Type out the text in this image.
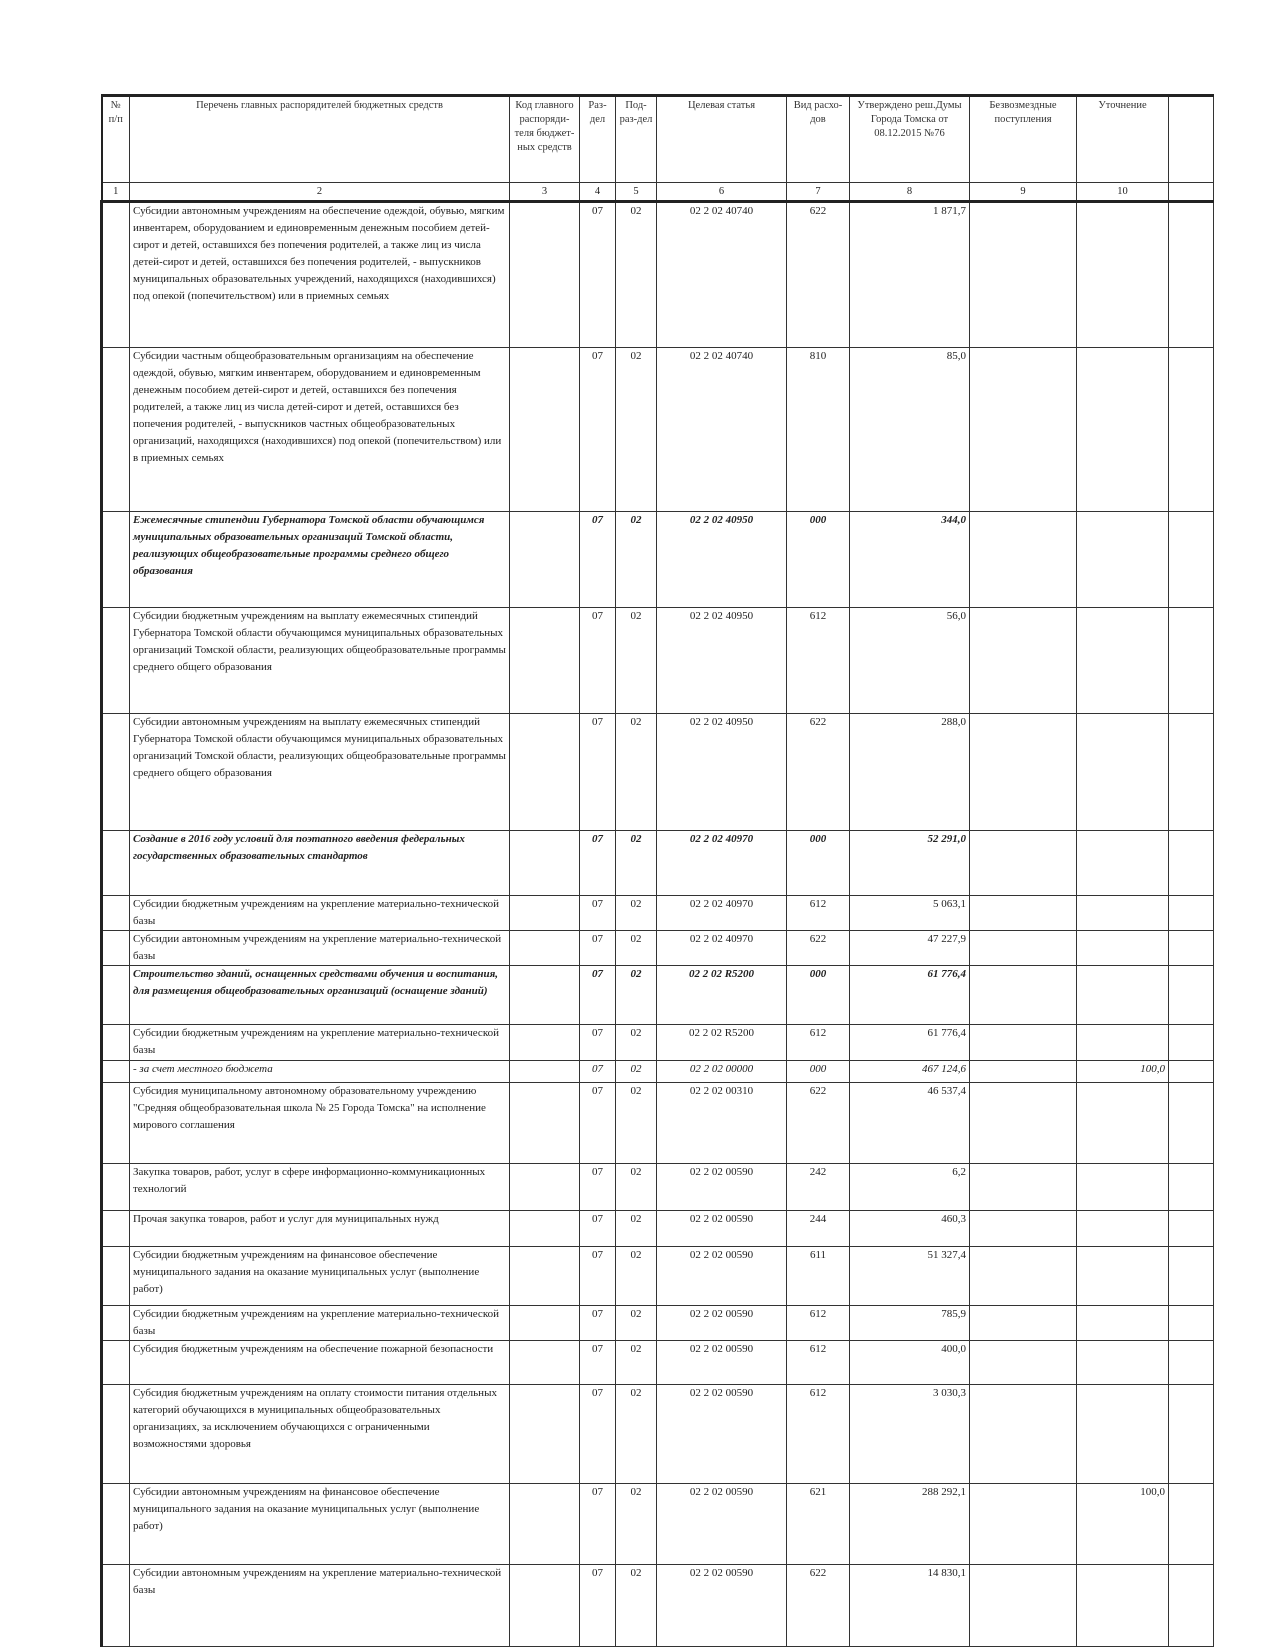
№ п/п	Перечень главных распорядителей бюджетных средств	Код главного распоряди-теля бюджет-ных средств	Раз-дел	Под-раз-дел	Целевая статья	Вид расхо-дов	Утверждено реш.Думы Города Томска от 08.12.2015 №76	Безвозмездные поступления	Уточнение	
1	2	3	4	5	6	7	8	9	10	
	Субсидии автономным учреждениям на обеспечение одеждой, обувью, мягким инвентарем, оборудованием и единовременным денежным пособием детей-сирот и детей, оставшихся без попечения родителей, а также лиц из числа детей-сирот и детей, оставшихся без попечения родителей, - выпускников муниципальных образовательных учреждений, находящихся (находившихся) под опекой (попечительством) или в приемных семьях		07	02	02 2 02 40740	622	1 871,7			
	Субсидии частным общеобразовательным организациям на обеспечение одеждой, обувью, мягким инвентарем, оборудованием и единовременным денежным пособием детей-сирот и детей, оставшихся без попечения родителей, а также лиц из числа детей-сирот и детей, оставшихся без попечения родителей, - выпускников частных общеобразовательных организаций, находящихся (находившихся) под опекой (попечительством) или в приемных семьях		07	02	02 2 02 40740	810	85,0			
	Ежемесячные стипендии Губернатора Томской области обучающимся муниципальных образовательных организаций Томской области, реализующих общеобразовательные программы среднего общего образования		07	02	02 2 02 40950	000	344,0			
	Субсидии бюджетным учреждениям на выплату ежемесячных стипендий Губернатора Томской области обучающимся муниципальных образовательных организаций Томской области, реализующих общеобразовательные программы среднего общего образования		07	02	02 2 02 40950	612	56,0			
	Субсидии автономным учреждениям на выплату ежемесячных стипендий Губернатора Томской области обучающимся муниципальных образовательных организаций Томской области, реализующих общеобразовательные программы среднего общего образования		07	02	02 2 02 40950	622	288,0			
	Создание в 2016 году условий для поэтапного введения федеральных государственных образовательных стандартов		07	02	02 2 02 40970	000	52 291,0			
	Субсидии бюджетным учреждениям на укрепление материально-технической базы		07	02	02 2 02 40970	612	5 063,1			
	Субсидии автономным учреждениям на укрепление материально-технической базы		07	02	02 2 02 40970	622	47 227,9			
	Строительство зданий, оснащенных средствами обучения и воспитания, для размещения общеобразовательных организаций (оснащение зданий)		07	02	02 2 02 R5200	000	61 776,4			
	Субсидии бюджетным учреждениям на укрепление материально-технической базы		07	02	02 2 02 R5200	612	61 776,4			
	- за счет местного бюджета		07	02	02 2 02 00000	000	467 124,6		100,0	
	Субсидия муниципальному автономному образовательному учреждению "Средняя общеобразовательная школа № 25 Города Томска" на исполнение мирового соглашения		07	02	02 2 02 00310	622	46 537,4			
	Закупка товаров, работ, услуг в сфере информационно-коммуникационных технологий		07	02	02 2 02 00590	242	6,2			
	Прочая закупка товаров, работ и услуг для муниципальных нужд		07	02	02 2 02 00590	244	460,3			
	Субсидии бюджетным учреждениям на финансовое обеспечение муниципального задания на оказание муниципальных услуг (выполнение работ)		07	02	02 2 02 00590	611	51 327,4			
	Субсидии бюджетным учреждениям на укрепление материально-технической базы		07	02	02 2 02 00590	612	785,9			
	Субсидия бюджетным учреждениям на обеспечение пожарной безопасности		07	02	02 2 02 00590	612	400,0			
	Субсидия бюджетным учреждениям на оплату стоимости питания отдельных категорий обучающихся в муниципальных общеобразовательных организациях, за исключением обучающихся с ограниченными возможностями здоровья		07	02	02 2 02 00590	612	3 030,3			
	Субсидии автономным учреждениям на финансовое обеспечение муниципального задания на оказание муниципальных услуг (выполнение работ)		07	02	02 2 02 00590	621	288 292,1		100,0	
	Субсидии автономным учреждениям на укрепление материально-технической базы		07	02	02 2 02 00590	622	14 830,1			
